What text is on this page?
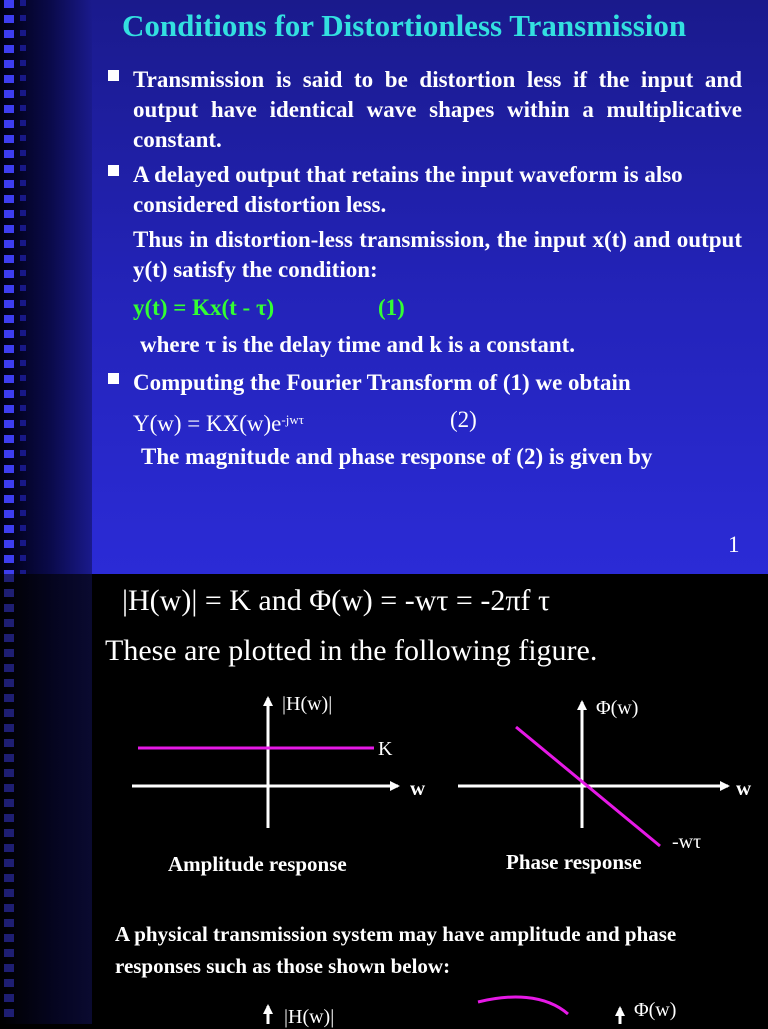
Conditions for Distortionless Transmission
Transmission is said to be distortion less if the input and output have identical wave shapes within a multiplicative constant.
A delayed output that retains the input waveform is also considered distortion less.
Thus in distortion-less transmission, the input x(t) and output y(t) satisfy the condition:
y(t) = Kx(t - τ)	(1)
where τ is the delay time and k is a constant.
Computing the Fourier Transform of (1) we obtain
$Y(w) = KX(w)e^{-jw\tau}$	(2)
The magnitude and phase response of (2) is given by
1
|H(w)| = K and Φ(w) = -wτ = -2πf τ
These are plotted in the following figure.
|H(w)|
K
w
Amplitude response
Φ(w)
w
-wτ
Phase response
A physical transmission system may have amplitude and phase responses such as those shown below:
|H(w)|	Φ(w)
